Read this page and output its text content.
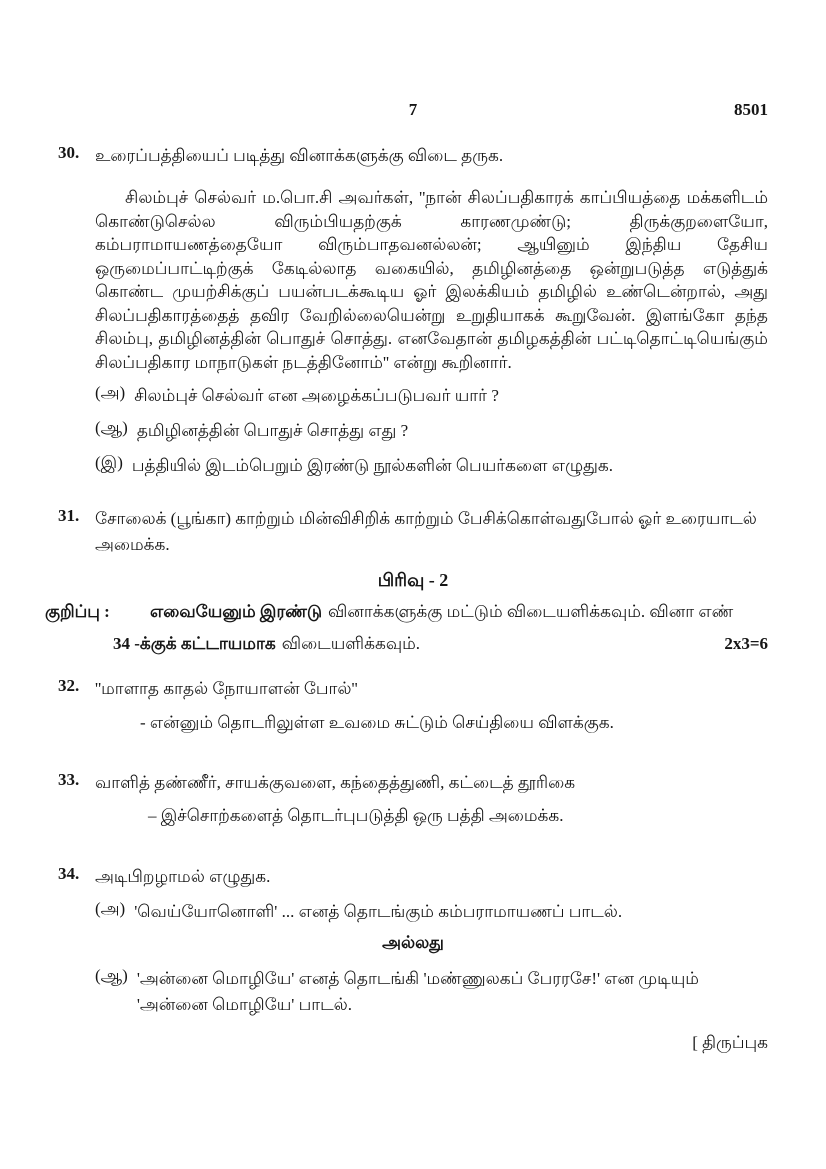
7	8501
30. உரைப்பத்தியைப் படித்து வினாக்களுக்கு விடை தருக.

சிலம்புச் செல்வர் ம.பொ.சி அவர்கள், ''நான் சிலப்பதிகாரக் காப்பியத்தை மக்களிடம் கொண்டுசெல்ல விரும்பியதற்குக் காரணமுண்டு; திருக்குறளையோ, கம்பராமாயணத்தையோ விரும்பாதவனல்லன்; ஆயினும் இந்திய தேசிய ஒருமைப்பாட்டிற்குக் கேடில்லாத வகையில், தமிழினத்தை ஒன்றுபடுத்த எடுத்துக் கொண்ட முயற்சிக்குப் பயன்படக்கூடிய ஓர் இலக்கியம் தமிழில் உண்டென்றால், அது சிலப்பதிகாரத்தைத் தவிர வேறில்லையென்று உறுதியாகக் கூறுவேன். இளங்கோ தந்த சிலம்பு, தமிழினத்தின் பொதுச் சொத்து. எனவேதான் தமிழகத்தின் பட்டிதொட்டியெங்கும் சிலப்பதிகார மாநாடுகள் நடத்தினோம்'' என்று கூறினார்.

(அ) சிலம்புச் செல்வர் என அழைக்கப்படுபவர் யார் ?
(ஆ) தமிழினத்தின் பொதுச் சொத்து எது ?
(இ) பத்தியில் இடம்பெறும் இரண்டு நூல்களின் பெயர்களை எழுதுக.
31. சோலைக் (பூங்கா) காற்றும் மின்விசிறிக் காற்றும் பேசிக்கொள்வதுபோல் ஓர் உரையாடல் அமைக்க.
பிரிவு - 2
குறிப்பு : எவையேனும் இரண்டு வினாக்களுக்கு மட்டும் விடையளிக்கவும். வினா எண்
34 -க்குக் கட்டாயமாக விடையளிக்கவும்.	2x3=6
32. ''மாளாத காதல் நோயாளன் போல்''
- என்னும் தொடரிலுள்ள உவமை சுட்டும் செய்தியை விளக்குக.
33. வாளித் தண்ணீர், சாயக்குவளை, கந்தைத்துணி, கட்டைத் தூரிகை
– இச்சொற்களைத் தொடர்புபடுத்தி ஒரு பத்தி அமைக்க.
34. அடிபிறழாமல் எழுதுக.
(அ) 'வெய்யோனொளி' ... எனத் தொடங்கும் கம்பராமாயணப் பாடல்.
அல்லது
(ஆ) 'அன்னை மொழியே' எனத் தொடங்கி 'மண்ணுலகப் பேரரசே!' என முடியும் 'அன்னை மொழியே' பாடல்.
[ திருப்புக
